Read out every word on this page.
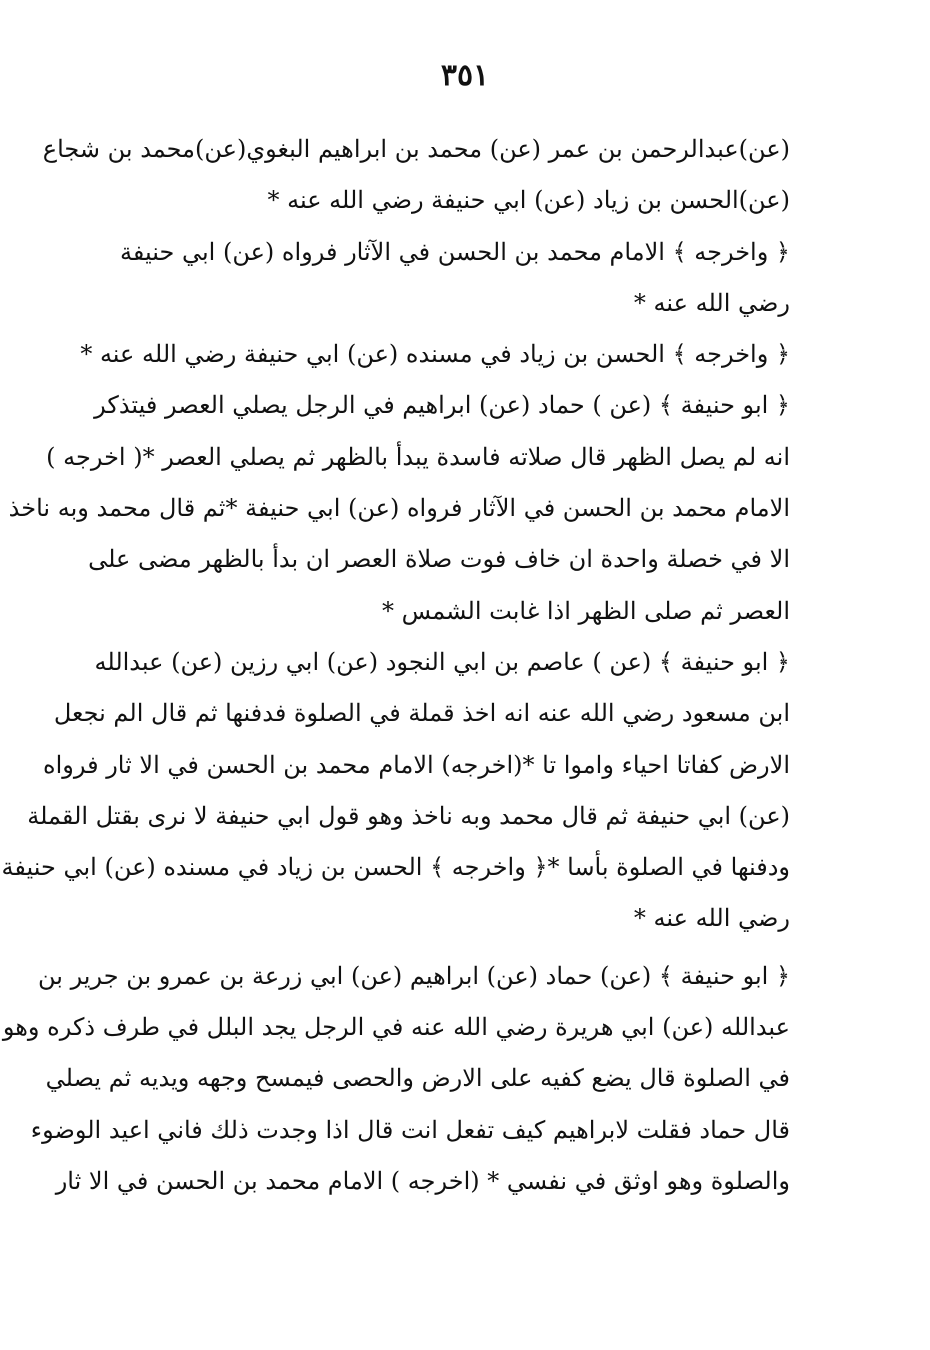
٣٥١
(عن)عبدالرحمن بن عمر (عن) محمد بن ابراهيم البغوي(عن)محمد بن شجاع
(عن)الحسن بن زياد (عن) ابي حنيفة رضي الله عنه *
﴿ واخرجه ﴾ الامام محمد بن الحسن في الآثار فرواه (عن) ابي حنيفة
رضي الله عنه *
﴿ واخرجه ﴾ الحسن بن زياد في مسنده (عن) ابي حنيفة رضي الله عنه *
﴿ ابو حنيفة ﴾ (عن ) حماد (عن) ابراهيم في الرجل يصلي العصر فيتذكر
انه لم يصل الظهر قال صلاته فاسدة يبدأ بالظهر ثم يصلي العصر *( اخرجه )
الامام محمد بن الحسن في الآثار فرواه (عن) ابي حنيفة *ثم قال محمد وبه ناخذ
الا في خصلة واحدة ان خاف فوت صلاة العصر ان بدأ بالظهر مضى على
العصر ثم صلى الظهر اذا غابت الشمس *
﴿ ابو حنيفة ﴾ (عن ) عاصم بن ابي النجود (عن) ابي رزين (عن) عبدالله
ابن مسعود رضي الله عنه انه اخذ قملة في الصلوة فدفنها ثم قال الم نجعل
الارض كفاتا احياء واموا تا *(اخرجه) الامام محمد بن الحسن في الا ثار فرواه
(عن) ابي حنيفة ثم قال محمد وبه ناخذ وهو قول ابي حنيفة لا نرى بقتل القملة
ودفنها في الصلوة بأسا *﴿ واخرجه ﴾ الحسن بن زياد في مسنده (عن) ابي حنيفة
رضي الله عنه *
﴿ ابو حنيفة ﴾ (عن) حماد (عن) ابراهيم (عن) ابي زرعة بن عمرو بن جرير بن
عبدالله (عن) ابي هريرة رضي الله عنه في الرجل يجد البلل في طرف ذكره وهو
في الصلوة قال يضع كفيه على الارض والحصى فيمسح وجهه ويديه ثم يصلي
قال حماد فقلت لابراهيم كيف تفعل انت قال اذا وجدت ذلك فاني اعيد الوضوء
والصلوة وهو اوثق في نفسي * (اخرجه ) الامام محمد بن الحسن في الا ثار
